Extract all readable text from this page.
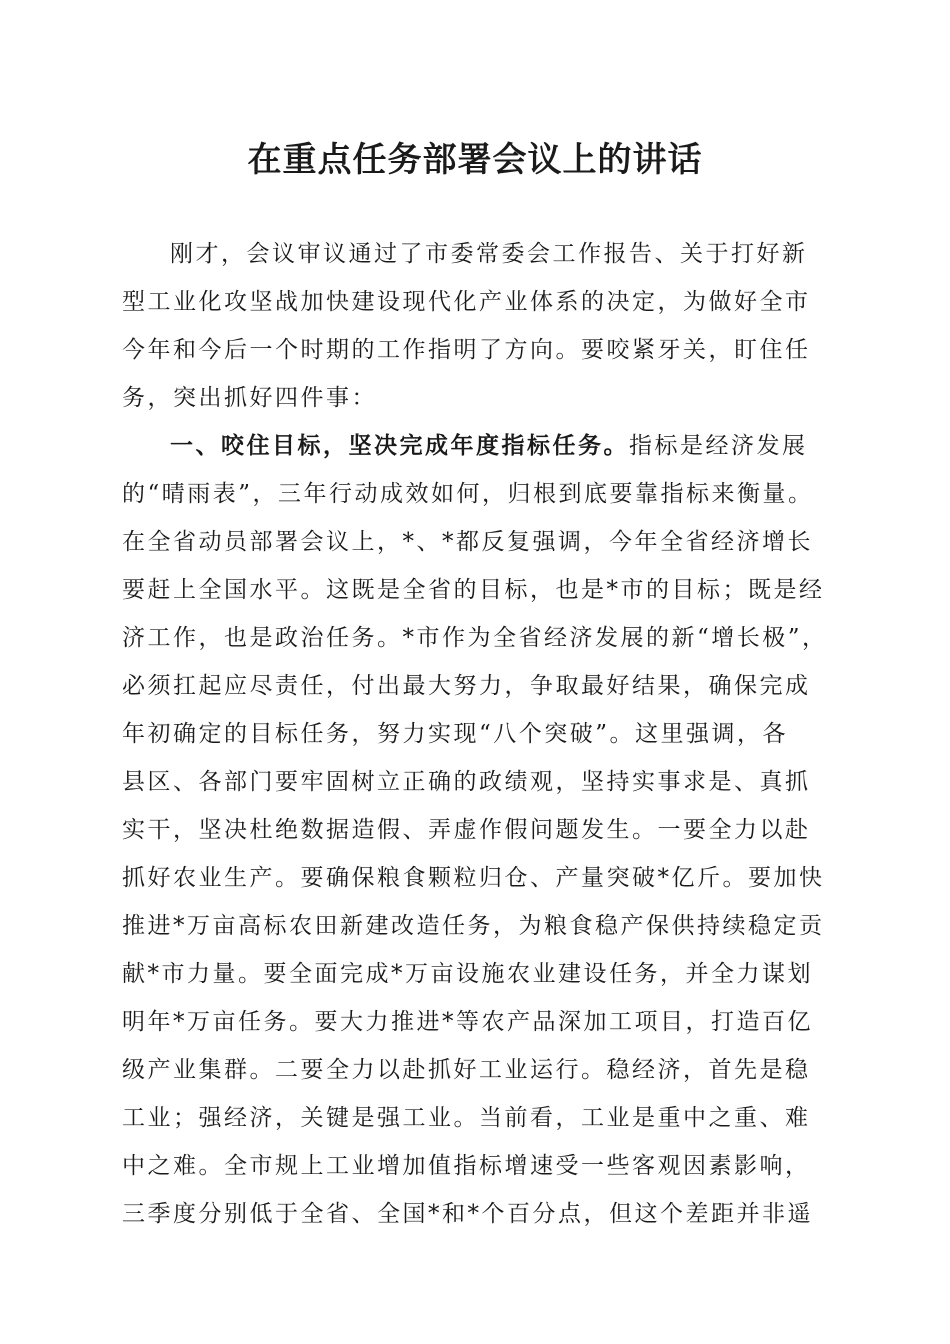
在重点任务部署会议上的讲话
刚才，会议审议通过了市委常委会工作报告、关于打好新
型工业化攻坚战加快建设现代化产业体系的决定，为做好全市
今年和今后一个时期的工作指明了方向。要咬紧牙关，盯住任
务，突出抓好四件事：
一、咬住目标，坚决完成年度指标任务。指标是经济发展
的“晴雨表”，三年行动成效如何，归根到底要靠指标来衡量。
在全省动员部署会议上，*、*都反复强调，今年全省经济增长
要赶上全国水平。这既是全省的目标，也是*市的目标；既是经
济工作，也是政治任务。*市作为全省经济发展的新“增长极”，
必须扛起应尽责任，付出最大努力，争取最好结果，确保完成
年初确定的目标任务，努力实现“八个突破”。这里强调，各
县区、各部门要牢固树立正确的政绩观，坚持实事求是、真抓
实干，坚决杜绝数据造假、弄虚作假问题发生。一要全力以赴
抓好农业生产。要确保粮食颗粒归仓、产量突破*亿斤。要加快
推进*万亩高标农田新建改造任务，为粮食稳产保供持续稳定贡
献*市力量。要全面完成*万亩设施农业建设任务，并全力谋划
明年*万亩任务。要大力推进*等农产品深加工项目，打造百亿
级产业集群。二要全力以赴抓好工业运行。稳经济，首先是稳
工业；强经济，关键是强工业。当前看，工业是重中之重、难
中之难。全市规上工业增加值指标增速受一些客观因素影响，
三季度分别低于全省、全国*和*个百分点，但这个差距并非遥
